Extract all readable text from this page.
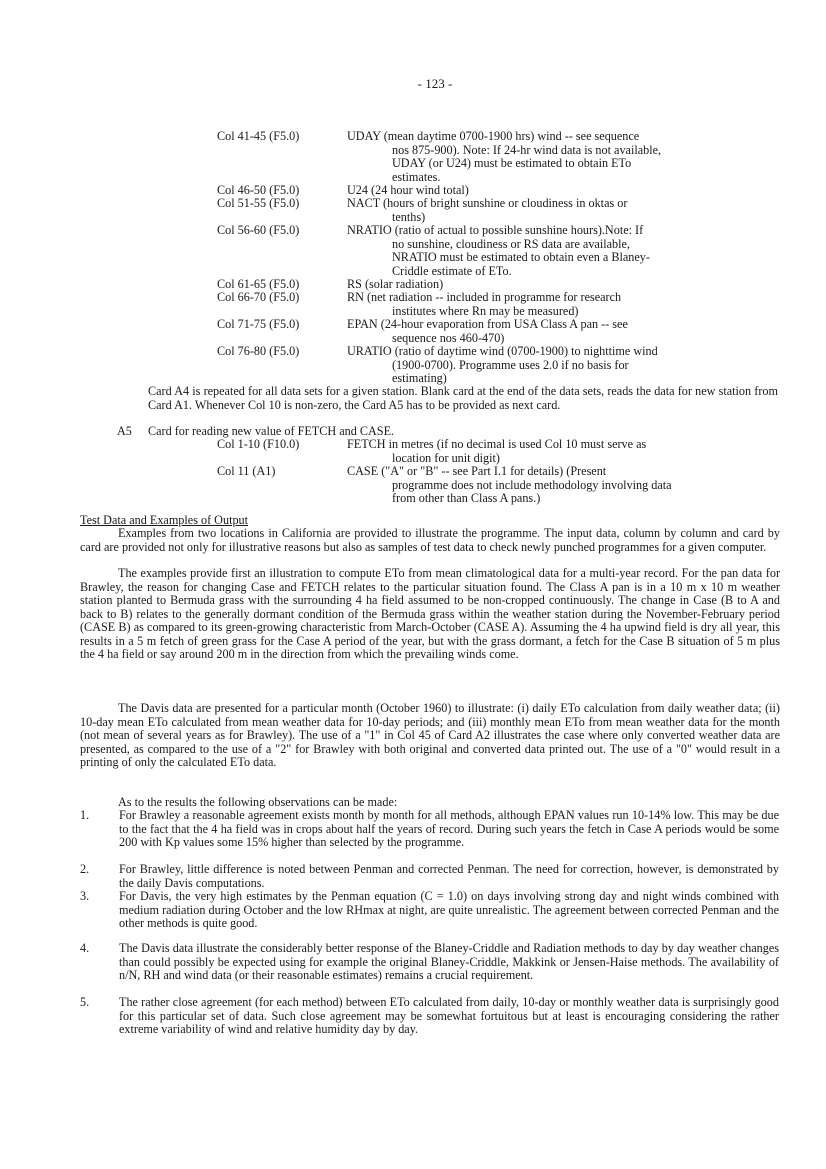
- 123 -
Col 41-45 (F5.0)	UDAY (mean daytime 0700-1900 hrs) wind -- see sequence
nos 875-900). Note: If 24-hr wind data is not available,
UDAY (or U24) must be estimated to obtain ETo
estimates.
Col 46-50 (F5.0)	U24 (24 hour wind total)
Col 51-55 (F5.0)	NACT (hours of bright sunshine or cloudiness in oktas or
tenths)
Col 56-60 (F5.0)	NRATIO (ratio of actual to possible sunshine hours).Note: If
no sunshine, cloudiness or RS data are available,
NRATIO must be estimated to obtain even a Blaney-
Criddle estimate of ETo.
Col 61-65 (F5.0)	RS (solar radiation)
Col 66-70 (F5.0)	RN (net radiation -- included in programme for research
institutes where Rn may be measured)
Col 71-75 (F5.0)	EPAN (24-hour evaporation from USA Class A pan -- see
sequence nos 460-470)
Col 76-80 (F5.0)	URATIO (ratio of daytime wind (0700-1900) to nighttime wind
(1900-0700). Programme uses 2.0 if no basis for
estimating)
Card A4 is repeated for all data sets for a given station. Blank card at the end of the data sets, reads the data for new station from Card A1. Whenever Col 10 is non-zero, the Card A5 has to be provided as next card.
A5 Card for reading new value of FETCH and CASE.
Col 1-10 (F10.0)	FETCH in metres (if no decimal is used Col 10 must serve as
location for unit digit)
Col 11 (A1)	CASE ("A" or "B" -- see Part I.1 for details) (Present
programme does not include methodology involving data
from other than Class A pans.)
Test Data and Examples of Output
Examples from two locations in California are provided to illustrate the programme. The input data, column by column and card by card are provided not only for illustrative reasons but also as samples of test data to check newly punched programmes for a given computer.
The examples provide first an illustration to compute ETo from mean climatological data for a multi-year record. For the pan data for Brawley, the reason for changing Case and FETCH relates to the particular situation found. The Class A pan is in a 10 m x 10 m weather station planted to Bermuda grass with the surrounding 4 ha field assumed to be non-cropped continuously. The change in Case (B to A and back to B) relates to the generally dormant condition of the Bermuda grass within the weather station during the November-February period (CASE B) as compared to its green-growing characteristic from March-October (CASE A). Assuming the 4 ha upwind field is dry all year, this results in a 5 m fetch of green grass for the Case A period of the year, but with the grass dormant, a fetch for the Case B situation of 5 m plus the 4 ha field or say around 200 m in the direction from which the prevailing winds come.
The Davis data are presented for a particular month (October 1960) to illustrate: (i) daily ETo calculation from daily weather data; (ii) 10-day mean ETo calculated from mean weather data for 10-day periods; and (iii) monthly mean ETo from mean weather data for the month (not mean of several years as for Brawley). The use of a "1" in Col 45 of Card A2 illustrates the case where only converted weather data are presented, as compared to the use of a "2" for Brawley with both original and converted data printed out. The use of a "0" would result in a printing of only the calculated ETo data.
As to the results the following observations can be made:
1.	For Brawley a reasonable agreement exists month by month for all methods, although EPAN values run 10-14% low. This may be due to the fact that the 4 ha field was in crops about half the years of record. During such years the fetch in Case A periods would be some 200 with Kp values some 15% higher than selected by the programme.
2.	For Brawley, little difference is noted between Penman and corrected Penman. The need for correction, however, is demonstrated by the daily Davis computations.
3.	For Davis, the very high estimates by the Penman equation (C = 1.0) on days involving strong day and night winds combined with medium radiation during October and the low RHmax at night, are quite unrealistic. The agreement between corrected Penman and the other methods is quite good.
4.	The Davis data illustrate the considerably better response of the Blaney-Criddle and Radiation methods to day by day weather changes than could possibly be expected using for example the original Blaney-Criddle, Makkink or Jensen-Haise methods. The availability of n/N, RH and wind data (or their reasonable estimates) remains a crucial requirement.
5.	The rather close agreement (for each method) between ETo calculated from daily, 10-day or monthly weather data is surprisingly good for this particular set of data. Such close agreement may be somewhat fortuitous but at least is encouraging considering the rather extreme variability of wind and relative humidity day by day.
